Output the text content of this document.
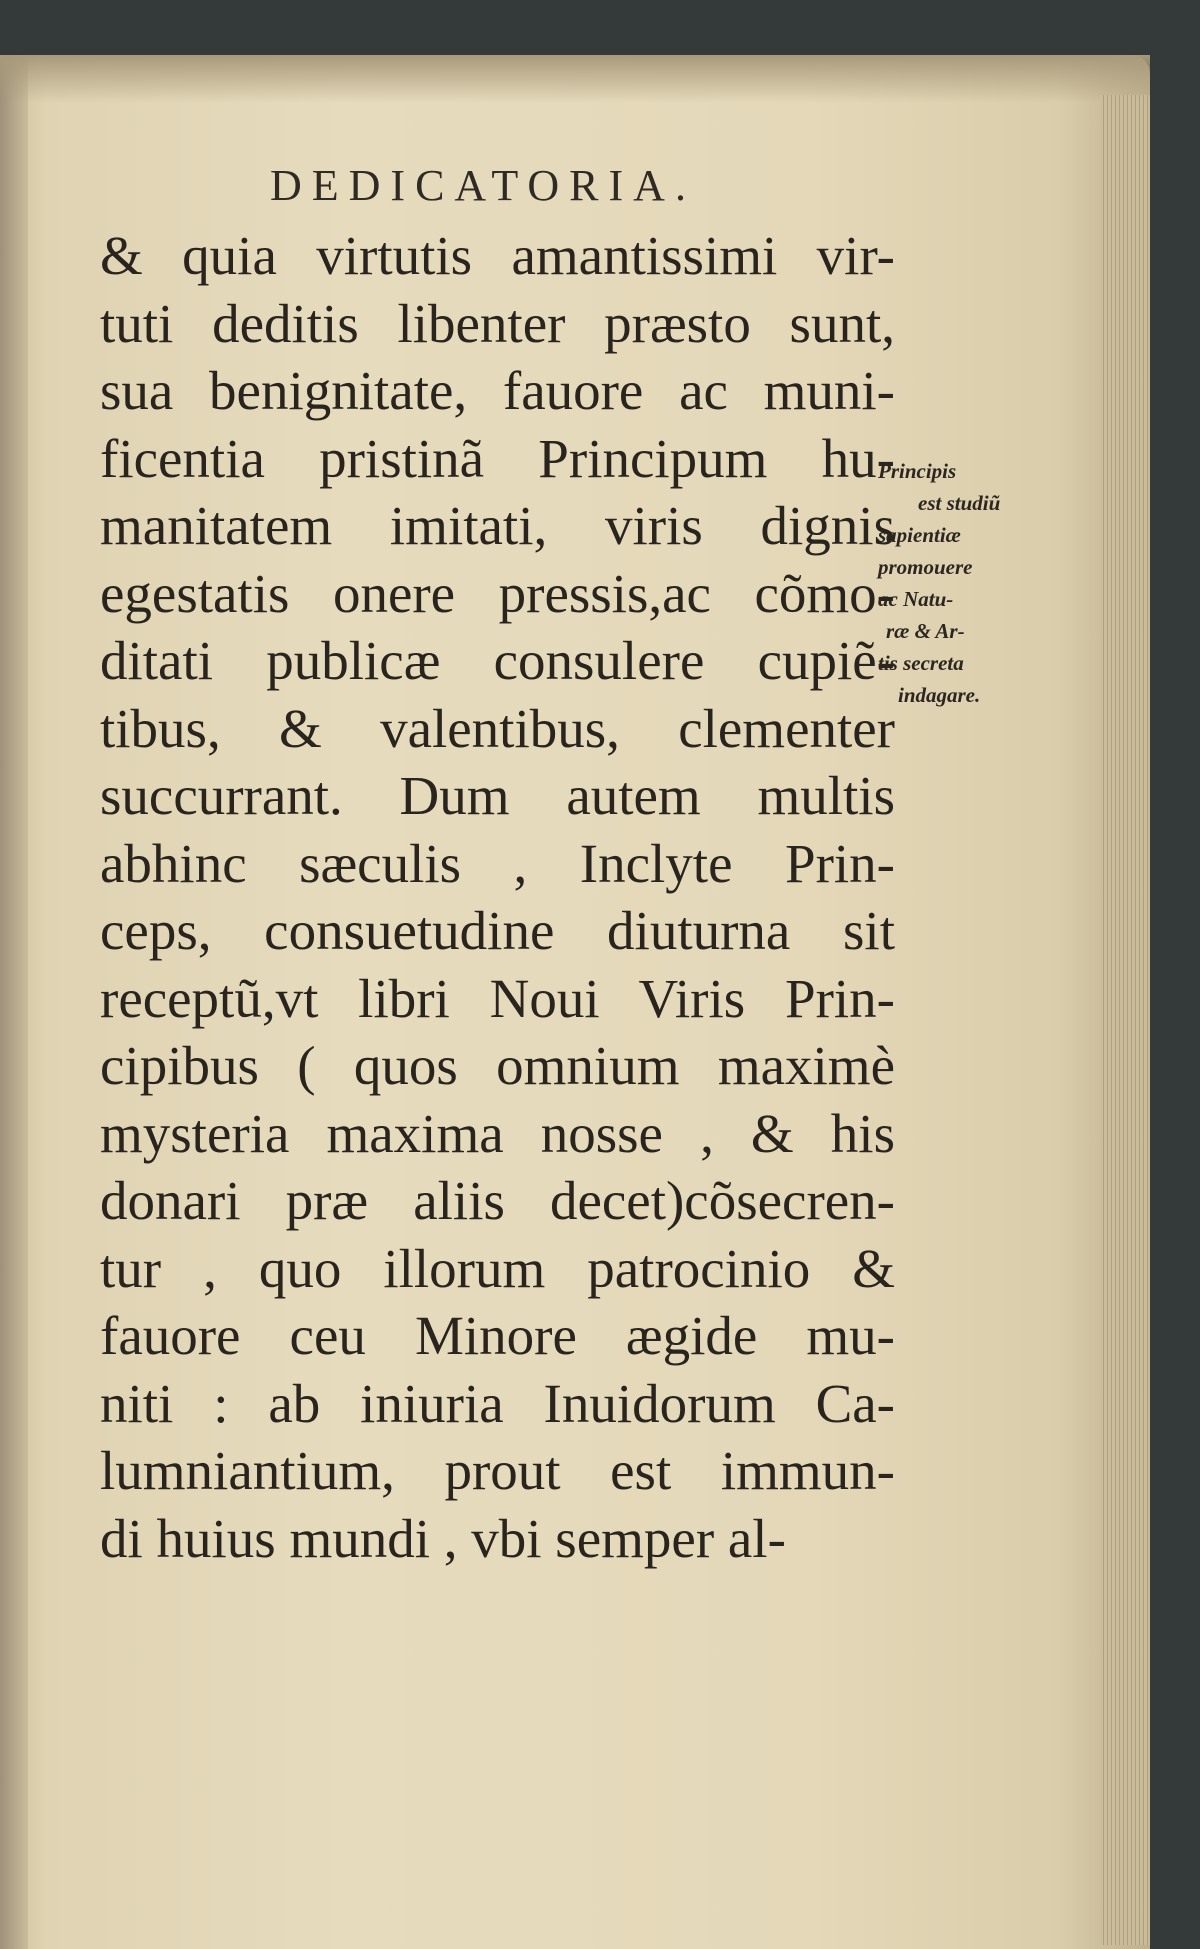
DEDICATORIA.
& quia virtutis amantissimi vir-
tuti deditis libenter præsto sunt,
sua benignitate, fauore ac muni-
ficentia pristinã Principum hu-
manitatem imitati, viris dignis
egestatis onere pressis,ac cõmo-
ditati publicæ consulere cupiẽ-
tibus, & valentibus, clementer
succurrant. Dum autem multis
abhinc sæculis , Inclyte Prin-
ceps, consuetudine diuturna sit
receptũ,vt libri Noui Viris Prin-
cipibus ( quos omnium maximè
mysteria maxima nosse , & his
donari præ aliis decet)cõsecren-
tur , quo illorum patrocinio &
fauore ceu Minore ægide mu-
niti : ab iniuria Inuidorum Ca-
lumniantium, prout est immun-
di huius mundi , vbi semper al-
Principis
est studiũ
sapientiæ
promouere
ac Natu-
ræ & Ar-
tis secreta
indagare.
